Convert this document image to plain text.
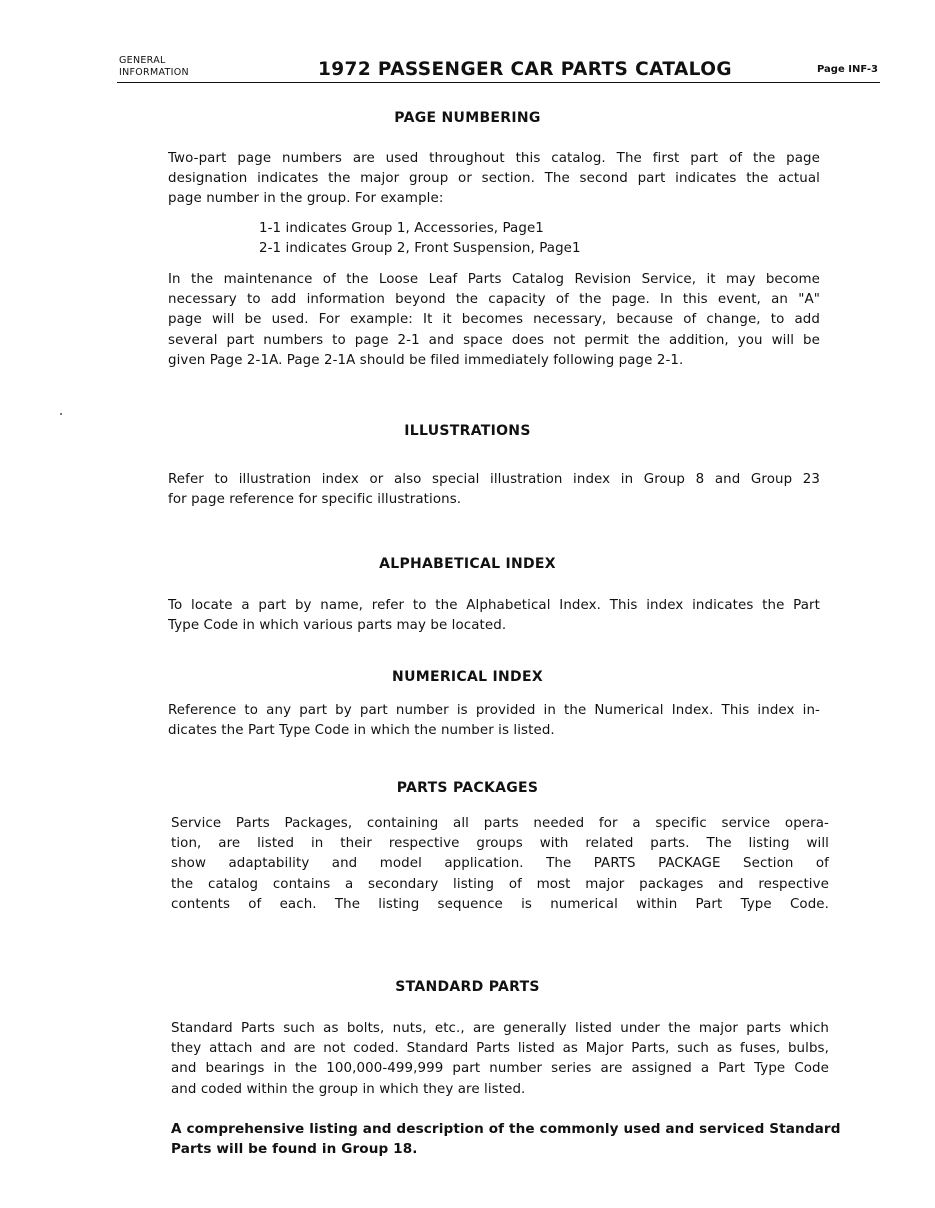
GENERAL
INFORMATION	1972 PASSENGER CAR PARTS CATALOG	Page INF-3
PAGE NUMBERING
Two-part page numbers are used throughout this catalog. The first part of the page
designation indicates the major group or section. The second part indicates the actual
page number in the group. For example:
1-1 indicates Group 1, Accessories, Page1
2-1 indicates Group 2, Front Suspension, Page1
In the maintenance of the Loose Leaf Parts Catalog Revision Service, it may become
necessary to add information beyond the capacity of the page. In this event, an "A"
page will be used. For example: It it becomes necessary, because of change, to add
several part numbers to page 2-1 and space does not permit the addition, you will be
given Page 2-1A. Page 2-1A should be filed immediately following page 2-1.
ILLUSTRATIONS
Refer to illustration index or also special illustration index in Group 8 and Group 23
for page reference for specific illustrations.
ALPHABETICAL INDEX
To locate a part by name, refer to the Alphabetical Index. This index indicates the Part
Type Code in which various parts may be located.
NUMERICAL INDEX
Reference to any part by part number is provided in the Numerical Index. This index in-
dicates the Part Type Code in which the number is listed.
PARTS PACKAGES
Service Parts Packages, containing all parts needed for a specific service opera-
tion, are listed in their respective groups with related parts. The listing will
show adaptability and model application. The PARTS PACKAGE Section of
the catalog contains a secondary listing of most major packages and respective
contents of each. The listing sequence is numerical within Part Type Code.
STANDARD PARTS
Standard Parts such as bolts, nuts, etc., are generally listed under the major parts which
they attach and are not coded. Standard Parts listed as Major Parts, such as fuses, bulbs,
and bearings in the 100,000-499,999 part number series are assigned a Part Type Code
and coded within the group in which they are listed.
A comprehensive listing and description of the commonly used and serviced Standard
Parts will be found in Group 18.
